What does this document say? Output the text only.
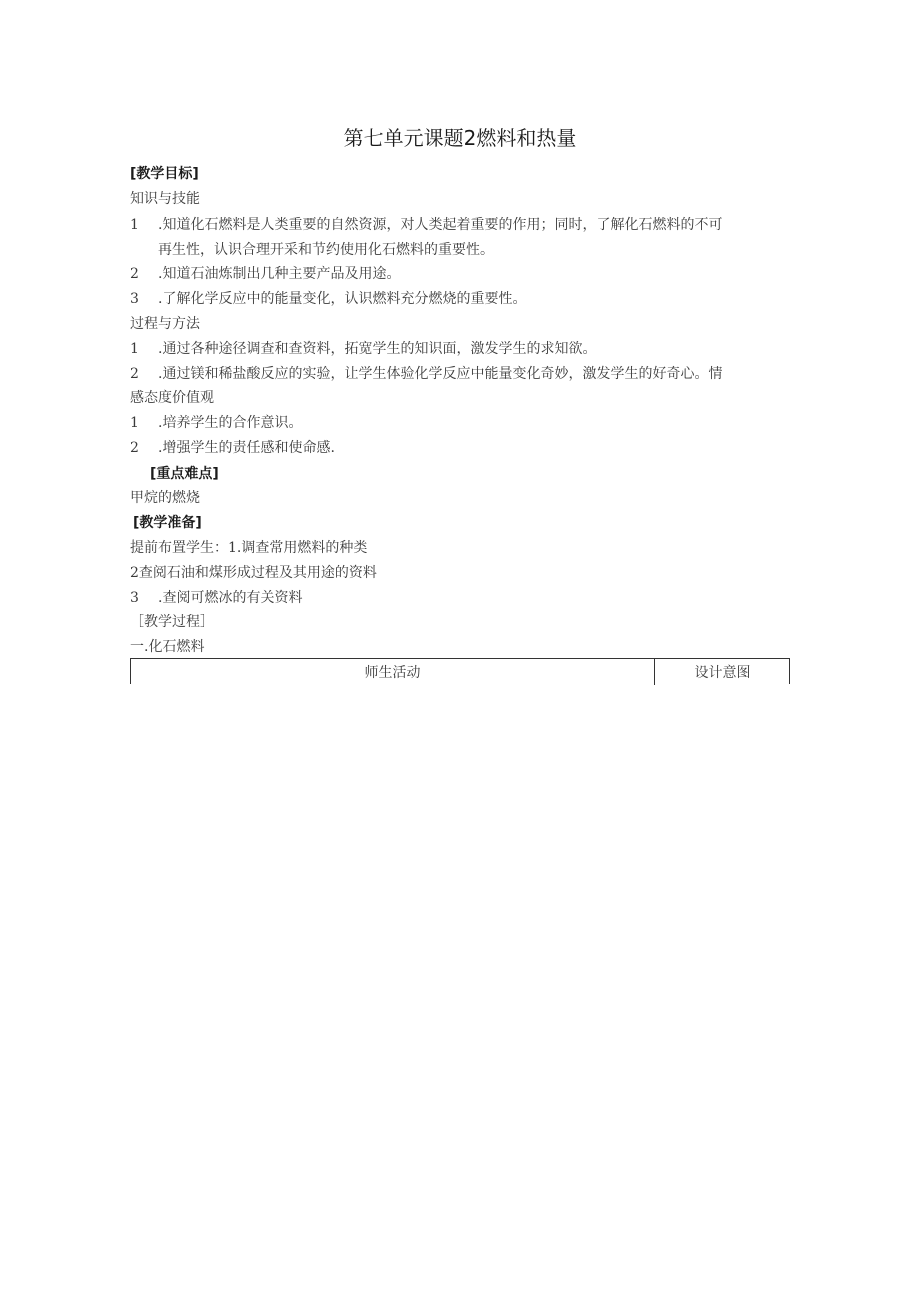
第七单元课题2燃料和热量
[教学目标]
知识与技能
1 .知道化石燃料是人类重要的自然资源，对人类起着重要的作用；同时，了解化石燃料的不可
再生性，认识合理开采和节约使用化石燃料的重要性。
2 .知道石油炼制出几种主要产品及用途。
3 .了解化学反应中的能量变化，认识燃料充分燃烧的重要性。
过程与方法
1 .通过各种途径调查和查资料，拓宽学生的知识面，激发学生的求知欲。
2 .通过镁和稀盐酸反应的实验，让学生体验化学反应中能量变化奇妙，激发学生的好奇心。情
感态度价值观
1 .培养学生的合作意识。
2 .增强学生的责任感和使命感.
[重点难点]
甲烷的燃烧
[教学准备]
提前布置学生：1.调查常用燃料的种类
2查阅石油和煤形成过程及其用途的资料
3 .查阅可燃冰的有关资料
［教学过程］
一.化石燃料
师生活动	设计意图
